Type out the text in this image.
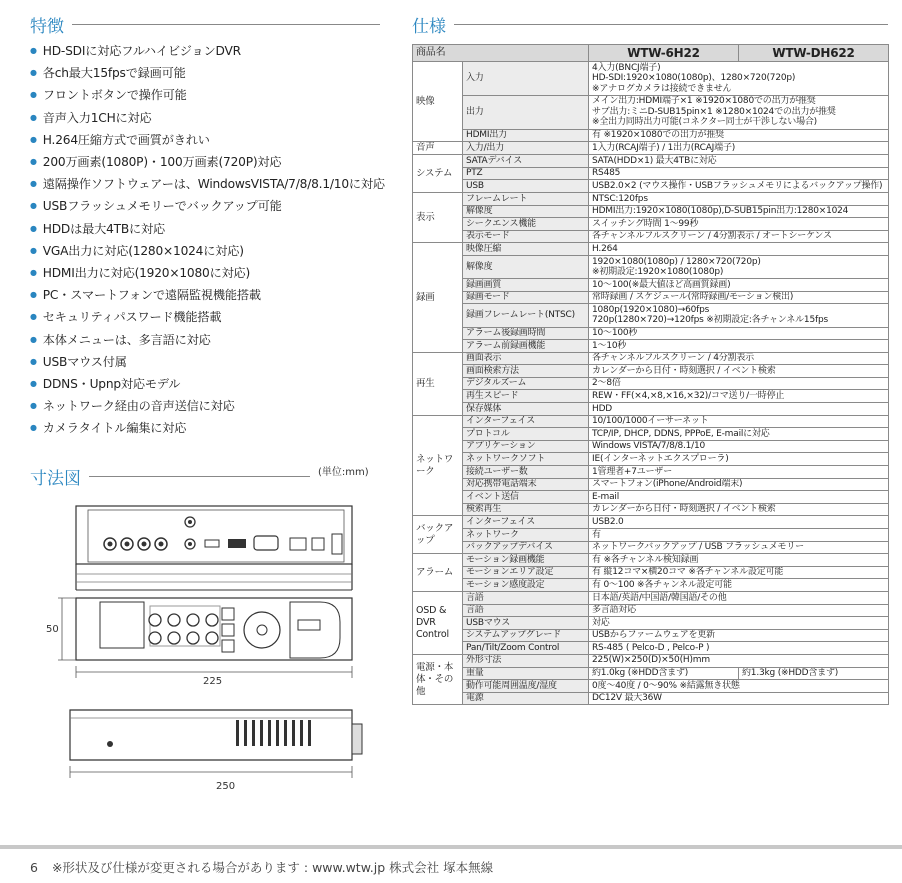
特徴	仕様
寸法図	(単位:mm)
● HD-SDIに対応フルハイビジョンDVR
● 各ch最大15fpsで録画可能
● フロントボタンで操作可能
● 音声入力1CHに対応
● H.264圧縮方式で画質がきれい
● 200万画素(1080P)・100万画素(720P)対応
● 遠隔操作ソフトウェアーは、WindowsVISTA/7/8/8.1/10に対応
● USBフラッシュメモリーでバックアップ可能
● HDDは最大4TBに対応
● VGA出力に対応(1280×1024に対応)
● HDMI出力に対応(1920×1080に対応)
● PC・スマートフォンで遠隔監視機能搭載
● セキュリティパスワード機能搭載
● 本体メニューは、多言語に対応
● USBマウス付属
● DDNS・Upnp対応モデル
● ネットワーク経由の音声送信に対応
● カメラタイトル編集に対応
50
225
250
商品名		WTW-6H22	WTW-DH622
映像	入力	4入力(BNCJ端子)
HD-SDI:1920×1080(1080p)、1280×720(720p)
※アナログカメラは接続できません	

	出力	メイン出力:HDMI端子×1 ※1920×1080での出力が推奨
サブ出力:ミニD-SUB15pin×1 ※1280×1024での出力が推奨
※全出力同時出力可能(コネクター同士が干渉しない場合)	

	HDMI出力	有 ※1920×1080での出力が推奨	

音声	入力/出力	1入力(RCAJ端子) / 1出力(RCAJ端子)	

システム	SATAデバイス	SATA(HDD×1) 最大4TBに対応	

	PTZ	RS485	

	USB	USB2.0×2 (マウス操作・USBフラッシュメモリによるバックアップ操作)	

表示	フレームレート	NTSC:120fps	

	解像度	HDMI出力:1920×1080(1080p),D-SUB15pin出力:1280×1024	

	シークエンス機能	スイッチング時間 1～99秒	

	表示モード	各チャンネルフルスクリーン / 4分割表示 / オートシーケンス	

録画	映像圧縮	H.264	

	解像度	1920×1080(1080p) / 1280×720(720p)
※初期設定:1920×1080(1080p)	

	録画画質	10～100(※最大値ほど高画質録画)	

	録画モード	常時録画 / スケジュール(常時録画/モーション検出)	

	録画フレームレート(NTSC)	1080p(1920×1080)→60fps
720p(1280×720)→120fps ※初期設定:各チャンネル15fps	

	アラーム後録画時間	10～100秒	

	アラーム前録画機能	1～10秒	

再生	画面表示	各チャンネルフルスクリーン / 4分割表示	

	画面検索方法	カレンダーから日付・時刻選択 / イベント検索	

	デジタルズーム	2～8倍	

	再生スピード	REW・FF(×4,×8,×16,×32)/コマ送り/一時停止	

	保存媒体	HDD	

ネットワーク	インターフェイス	10/100/1000イーサーネット	

	プロトコル	TCP/IP, DHCP, DDNS, PPPoE, E-mailに対応	

	アプリケーション	Windows VISTA/7/8/8.1/10	

	ネットワークソフト	IE(インターネットエクスプローラ)	

	接続ユーザー数	1管理者+7ユーザー	

	対応携帯電話端末	スマートフォン(iPhone/Android端末)	

	イベント送信	E-mail	

	検索再生	カレンダーから日付・時刻選択 / イベント検索	

バックアップ	インターフェイス	USB2.0	

	ネットワーク	有	

	バックアップデバイス	ネットワークバックアップ / USB フラッシュメモリー	

アラーム	モーション録画機能	有 ※各チャンネル検知録画	

	モーションエリア設定	有 縦12コマ×横20コマ ※各チャンネル設定可能	

	モーション感度設定	有 0～100 ※各チャンネル設定可能	

OSD & DVR Control	言語	日本語/英語/中国語/韓国語/その他	

	言語	多言語対応	

	USBマウス	対応	

	システムアップグレード	USBからファームウェアを更新	

	Pan/Tilt/Zoom Control	RS-485 ( Pelco-D , Pelco-P )	

電源・本体・その他	外形寸法	225(W)×250(D)×50(H)mm	

	重量	約1.0kg (※HDD含まず)	約1.3kg (※HDD含まず)
	動作可能周囲温度/湿度	0度～40度 / 0～90% ※結露無き状態	

	電源	DC12V 最大36W	
6 ※形状及び仕様が変更される場合があります : www.wtw.jp 株式会社 塚本無線
